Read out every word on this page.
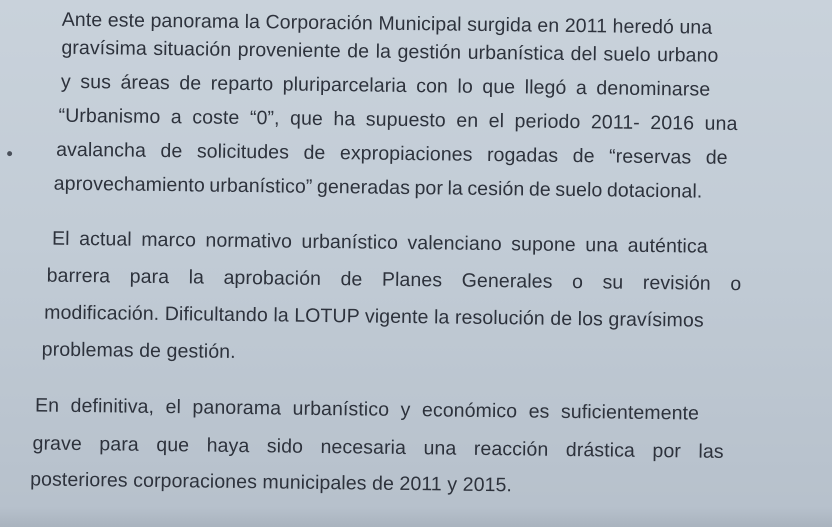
Ante este panorama la Corporación Municipal surgida en 2011 heredó una
gravísima situación proveniente de la gestión urbanística del suelo urbano
y sus áreas de reparto pluriparcelaria con lo que llegó a denominarse
“Urbanismo a coste “0”, que ha supuesto en el periodo 2011- 2016 una
avalancha de solicitudes de expropiaciones rogadas de “reservas de
aprovechamiento urbanístico” generadas por la cesión de suelo dotacional.
El actual marco normativo urbanístico valenciano supone una auténtica
barrera para la aprobación de Planes Generales o su revisión o
modificación. Dificultando la LOTUP vigente la resolución de los gravísimos
problemas de gestión.
En definitiva, el panorama urbanístico y económico es suficientemente
grave para que haya sido necesaria una reacción drástica por las
posteriores corporaciones municipales de 2011 y 2015.
